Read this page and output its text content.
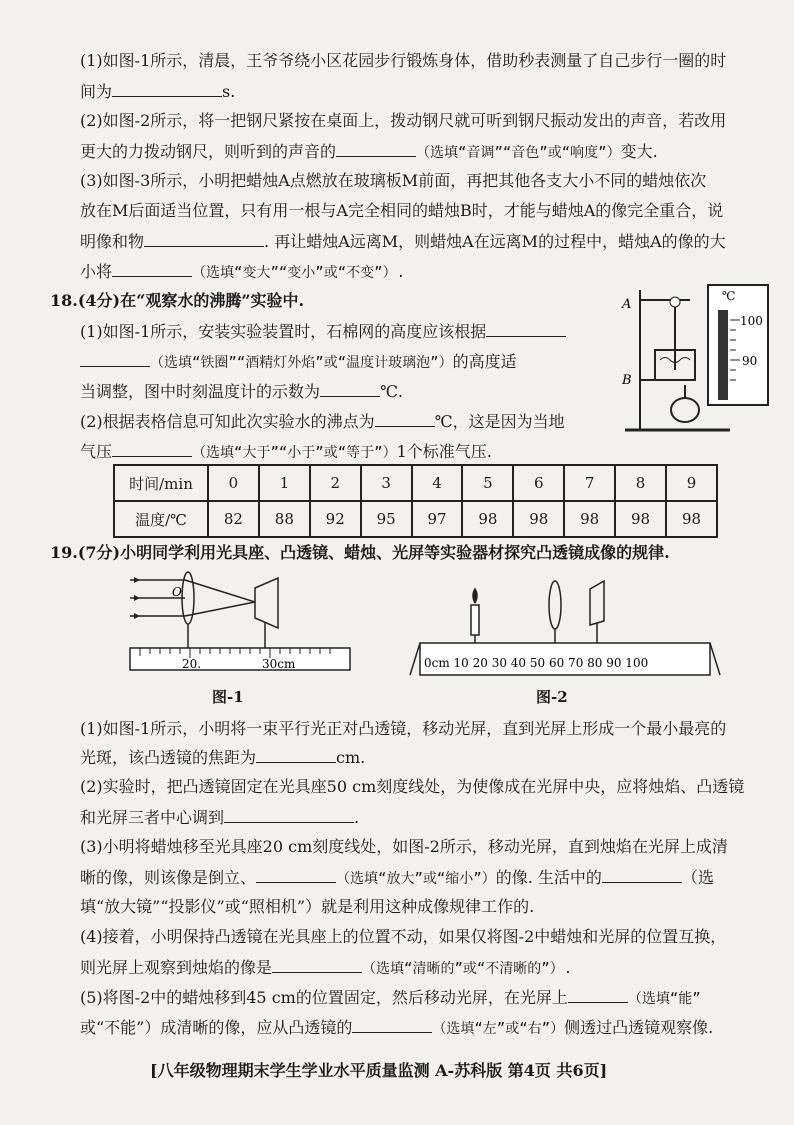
(1)如图-1所示，清晨，王爷爷绕小区花园步行锻炼身体，借助秒表测量了自己步行一圈的时
间为	s.
(2)如图-2所示，将一把钢尺紧按在桌面上，拨动钢尺就可听到钢尺振动发出的声音，若改用
更大的力拨动钢尺，则听到的声音的	（选填“音调”“音色”或“响度”）变大.
(3)如图-3所示，小明把蜡烛A点燃放在玻璃板M前面，再把其他各支大小不同的蜡烛依次
放在M后面适当位置，只有用一根与A完全相同的蜡烛B时，才能与蜡烛A的像完全重合，说
明像和物	. 再让蜡烛A远离M，则蜡烛A在远离M的过程中，蜡烛A的像的大
小将	（选填“变大”“变小”或“不变”）.
18.(4分)在“观察水的沸腾”实验中.
(1)如图-1所示，安装实验装置时，石棉网的高度应该根据
（选填“铁圈”“酒精灯外焰”或“温度计玻璃泡”）的高度适
当调整，图中时刻温度计的示数为	℃.
(2)根据表格信息可知此次实验水的沸点为	℃，这是因为当地
气压	（选填“大于”“小于”或“等于”）1个标准气压.
A
B
℃
100
90
时间/min	0	1	2	3	4	5	6	7	8	9
温度/℃	82	88	92	95	97	98	98	98	98	98
19.(7分)小明同学利用光具座、凸透镜、蜡烛、光屏等实验器材探究凸透镜成像的规律.
O
20.	30cm
图-1
0cm 10 20 30 40 50 60 70 80 90 100
图-2
(1)如图-1所示，小明将一束平行光正对凸透镜，移动光屏，直到光屏上形成一个最小最亮的
光斑，该凸透镜的焦距为	cm.
(2)实验时，把凸透镜固定在光具座50 cm刻度线处，为使像成在光屏中央，应将烛焰、凸透镜
和光屏三者中心调到	.
(3)小明将蜡烛移至光具座20 cm刻度线处，如图-2所示，移动光屏，直到烛焰在光屏上成清
晰的像，则该像是倒立、	（选填“放大”或“缩小”）的像. 生活中的	（选
填“放大镜”“投影仪”或“照相机”）就是利用这种成像规律工作的.
(4)接着，小明保持凸透镜在光具座上的位置不动，如果仅将图-2中蜡烛和光屏的位置互换，
则光屏上观察到烛焰的像是	（选填“清晰的”或“不清晰的”）.
(5)将图-2中的蜡烛移到45 cm的位置固定，然后移动光屏，在光屏上	（选填“能”
或“不能”）成清晰的像，应从凸透镜的	（选填“左”或“右”）侧透过凸透镜观察像.
[八年级物理期末学生学业水平质量监测 A-苏科版 第4页 共6页]
